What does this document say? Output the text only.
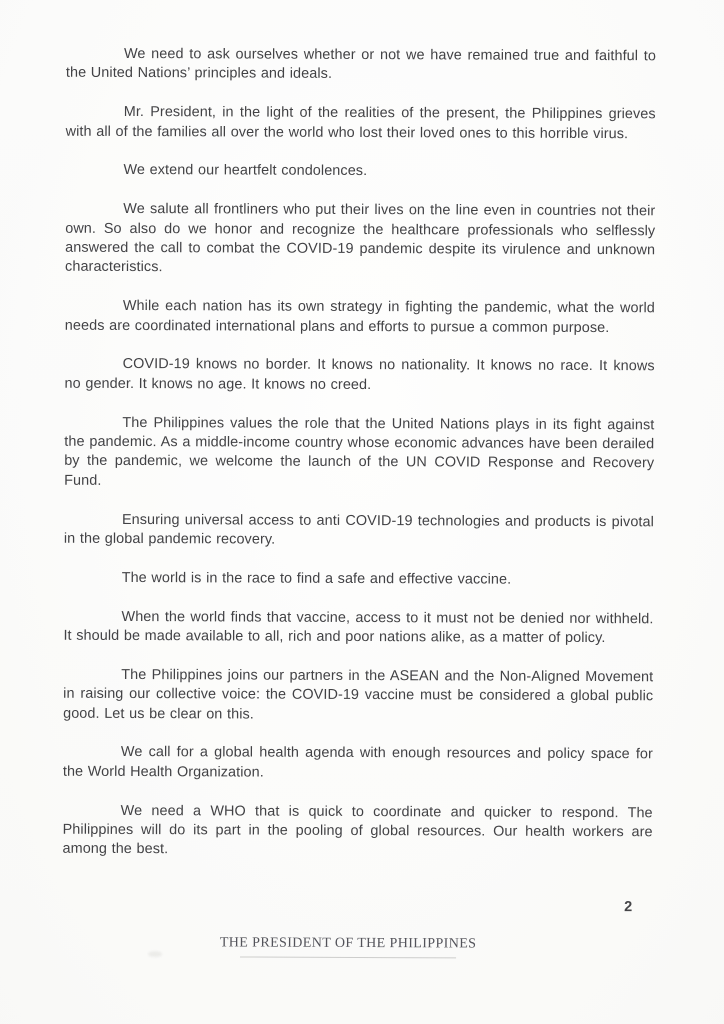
We need to ask ourselves whether or not we have remained true and faithful to the United Nations’ principles and ideals.

Mr. President, in the light of the realities of the present, the Philippines grieves with all of the families all over the world who lost their loved ones to this horrible virus.

We extend our heartfelt condolences.

We salute all frontliners who put their lives on the line even in countries not their own. So also do we honor and recognize the healthcare professionals who selflessly answered the call to combat the COVID-19 pandemic despite its virulence and unknown characteristics.

While each nation has its own strategy in fighting the pandemic, what the world needs are coordinated international plans and efforts to pursue a common purpose.

COVID-19 knows no border. It knows no nationality. It knows no race. It knows no gender. It knows no age. It knows no creed.

The Philippines values the role that the United Nations plays in its fight against the pandemic. As a middle-income country whose economic advances have been derailed by the pandemic, we welcome the launch of the UN COVID Response and Recovery Fund.

Ensuring universal access to anti COVID-19 technologies and products is pivotal in the global pandemic recovery.

The world is in the race to find a safe and effective vaccine.

When the world finds that vaccine, access to it must not be denied nor withheld. It should be made available to all, rich and poor nations alike, as a matter of policy.

The Philippines joins our partners in the ASEAN and the Non-Aligned Movement in raising our collective voice: the COVID-19 vaccine must be considered a global public good. Let us be clear on this.

We call for a global health agenda with enough resources and policy space for the World Health Organization.

We need a WHO that is quick to coordinate and quicker to respond. The Philippines will do its part in the pooling of global resources. Our health workers are among the best.

2
THE PRESIDENT OF THE PHILIPPINES
